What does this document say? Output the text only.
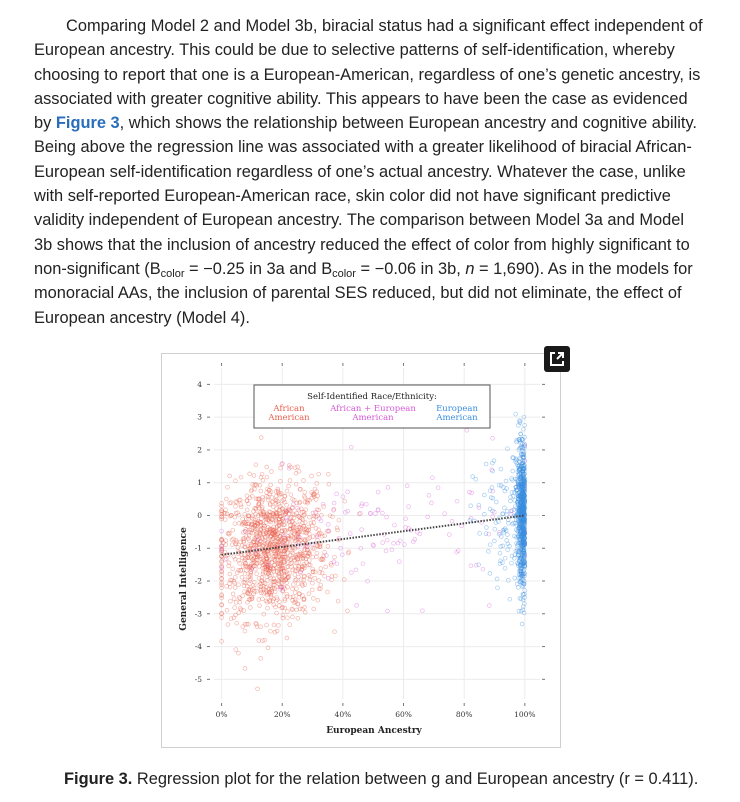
Comparing Model 2 and Model 3b, biracial status had a significant effect independent of European ancestry. This could be due to selective patterns of self-identification, whereby choosing to report that one is a European-American, regardless of one’s genetic ancestry, is associated with greater cognitive ability. This appears to have been the case as evidenced by Figure 3, which shows the relationship between European ancestry and cognitive ability. Being above the regression line was associated with a greater likelihood of biracial African-European self-identification regardless of one’s actual ancestry. Whatever the case, unlike with self-reported European-American race, skin color did not have significant predictive validity independent of European ancestry. The comparison between Model 3a and Model 3b shows that the inclusion of ancestry reduced the effect of color from highly significant to non-significant ($B_{color} = -0.25$ in 3a and $B_{color} = -0.06$ in 3b, n = 1,690). As in the models for monoracial AAs, the inclusion of parental SES reduced, but did not eliminate, the effect of European ancestry (Model 4).

0%	20%	40%	60%	80%	100%
4
3
2
1
0
-1
-2
-3
-4
-5
Self-Identified Race/Ethnicity:
African
American
African + European
American
European
American
European Ancestry
General Intelligence
Figure 3. Regression plot for the relation between g and European ancestry (r = 0.411).
